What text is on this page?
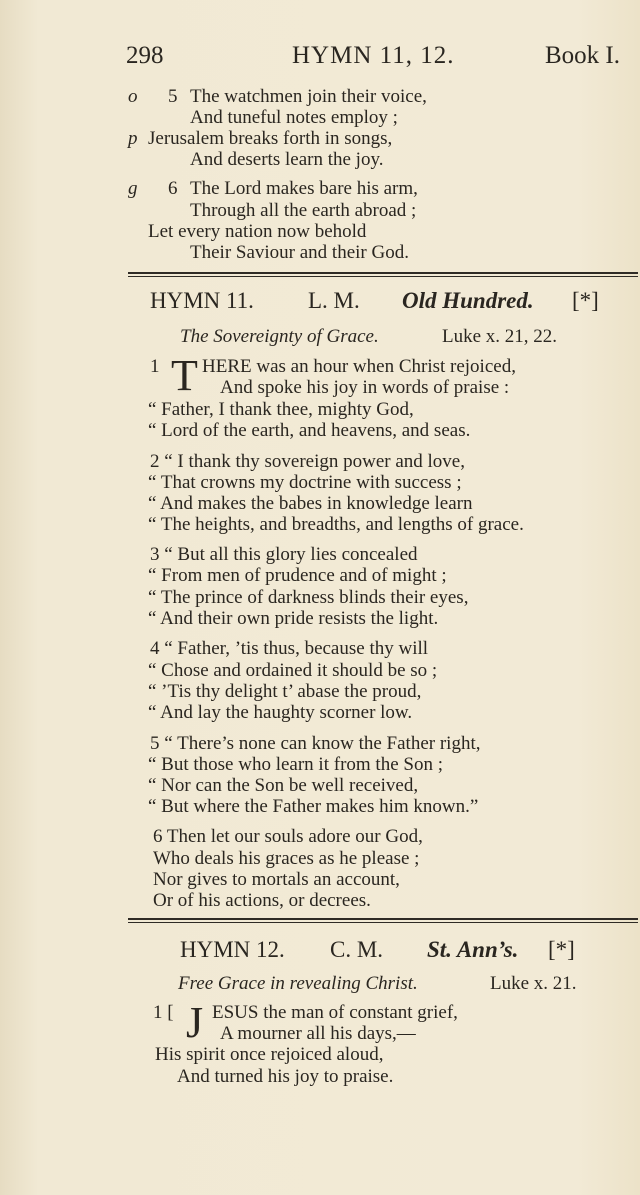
298	HYMN 11, 12.	Book I.
o 5 The watchmen join their voice,
And tuneful notes employ ;
p Jerusalem breaks forth in songs,
And deserts learn the joy.
g 6 The Lord makes bare his arm,
Through all the earth abroad ;
Let every nation now behold
Their Saviour and their God.
HYMN 11. L. M. Old Hundred. [*]
The Sovereignty of Grace.	Luke x. 21, 22.
1 T HERE was an hour when Christ rejoiced,
And spoke his joy in words of praise :
“ Father, I thank thee, mighty God,
“ Lord of the earth, and heavens, and seas.
2 “ I thank thy sovereign power and love,
“ That crowns my doctrine with success ;
“ And makes the babes in knowledge learn
“ The heights, and breadths, and lengths of grace.
3 “ But all this glory lies concealed
“ From men of prudence and of might ;
“ The prince of darkness blinds their eyes,
“ And their own pride resists the light.
4 “ Father, ’tis thus, because thy will
“ Chose and ordained it should be so ;
“ ’Tis thy delight t’ abase the proud,
“ And lay the haughty scorner low.
5 “ There’s none can know the Father right,
“ But those who learn it from the Son ;
“ Nor can the Son be well received,
“ But where the Father makes him known.”
6 Then let our souls adore our God,
Who deals his graces as he please ;
Nor gives to mortals an account,
Or of his actions, or decrees.
HYMN 12. C. M. St. Ann’s. [*]
Free Grace in revealing Christ.	Luke x. 21.
1 [ J ESUS the man of constant grief,
A mourner all his days,—
His spirit once rejoiced aloud,
And turned his joy to praise.
